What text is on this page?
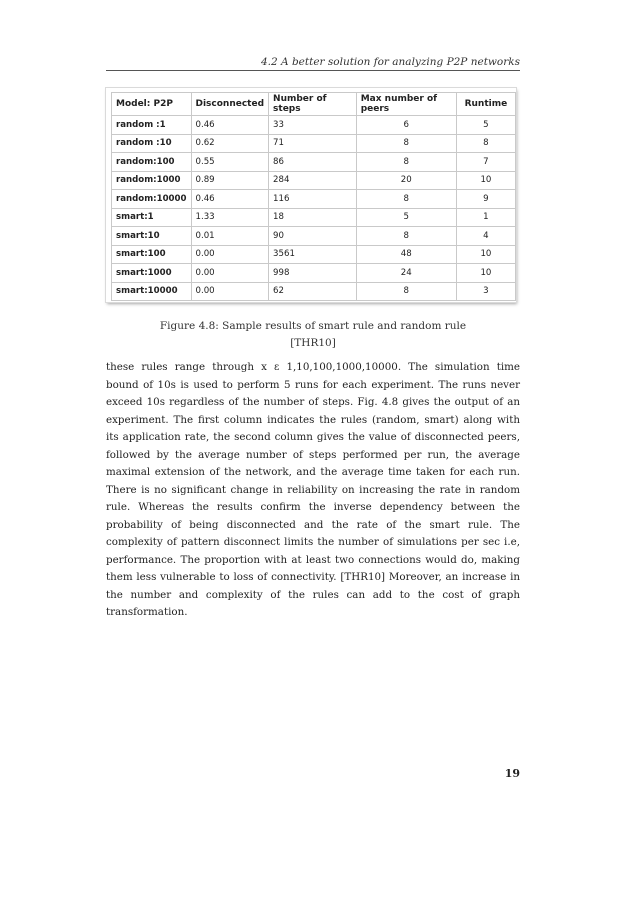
4.2 A better solution for analyzing P2P networks
Model: P2P	Disconnected	Number of steps	Max number of peers	Runtime
random :1	0.46	33	6	5
random :10	0.62	71	8	8
random:100	0.55	86	8	7
random:1000	0.89	284	20	10
random:10000	0.46	116	8	9
smart:1	1.33	18	5	1
smart:10	0.01	90	8	4
smart:100	0.00	3561	48	10
smart:1000	0.00	998	24	10
smart:10000	0.00	62	8	3
Figure 4.8: Sample results of smart rule and random rule
[THR10]
these rules range through x ε 1,10,100,1000,10000. The simulation time bound of 10s is used to perform 5 runs for each experiment. The runs never exceed 10s regardless of the number of steps. Fig. 4.8 gives the output of an experiment. The first column indicates the rules (random, smart) along with its application rate, the second column gives the value of disconnected peers, followed by the average number of steps performed per run, the average maximal extension of the network, and the average time taken for each run. There is no significant change in reliability on increasing the rate in random rule. Whereas the results confirm the inverse dependency between the probability of being disconnected and the rate of the smart rule. The complexity of pattern disconnect limits the number of simulations per sec i.e, performance. The proportion with at least two connections would do, making them less vulnerable to loss of connectivity. [THR10] Moreover, an increase in the number and complexity of the rules can add to the cost of graph transformation.
19
